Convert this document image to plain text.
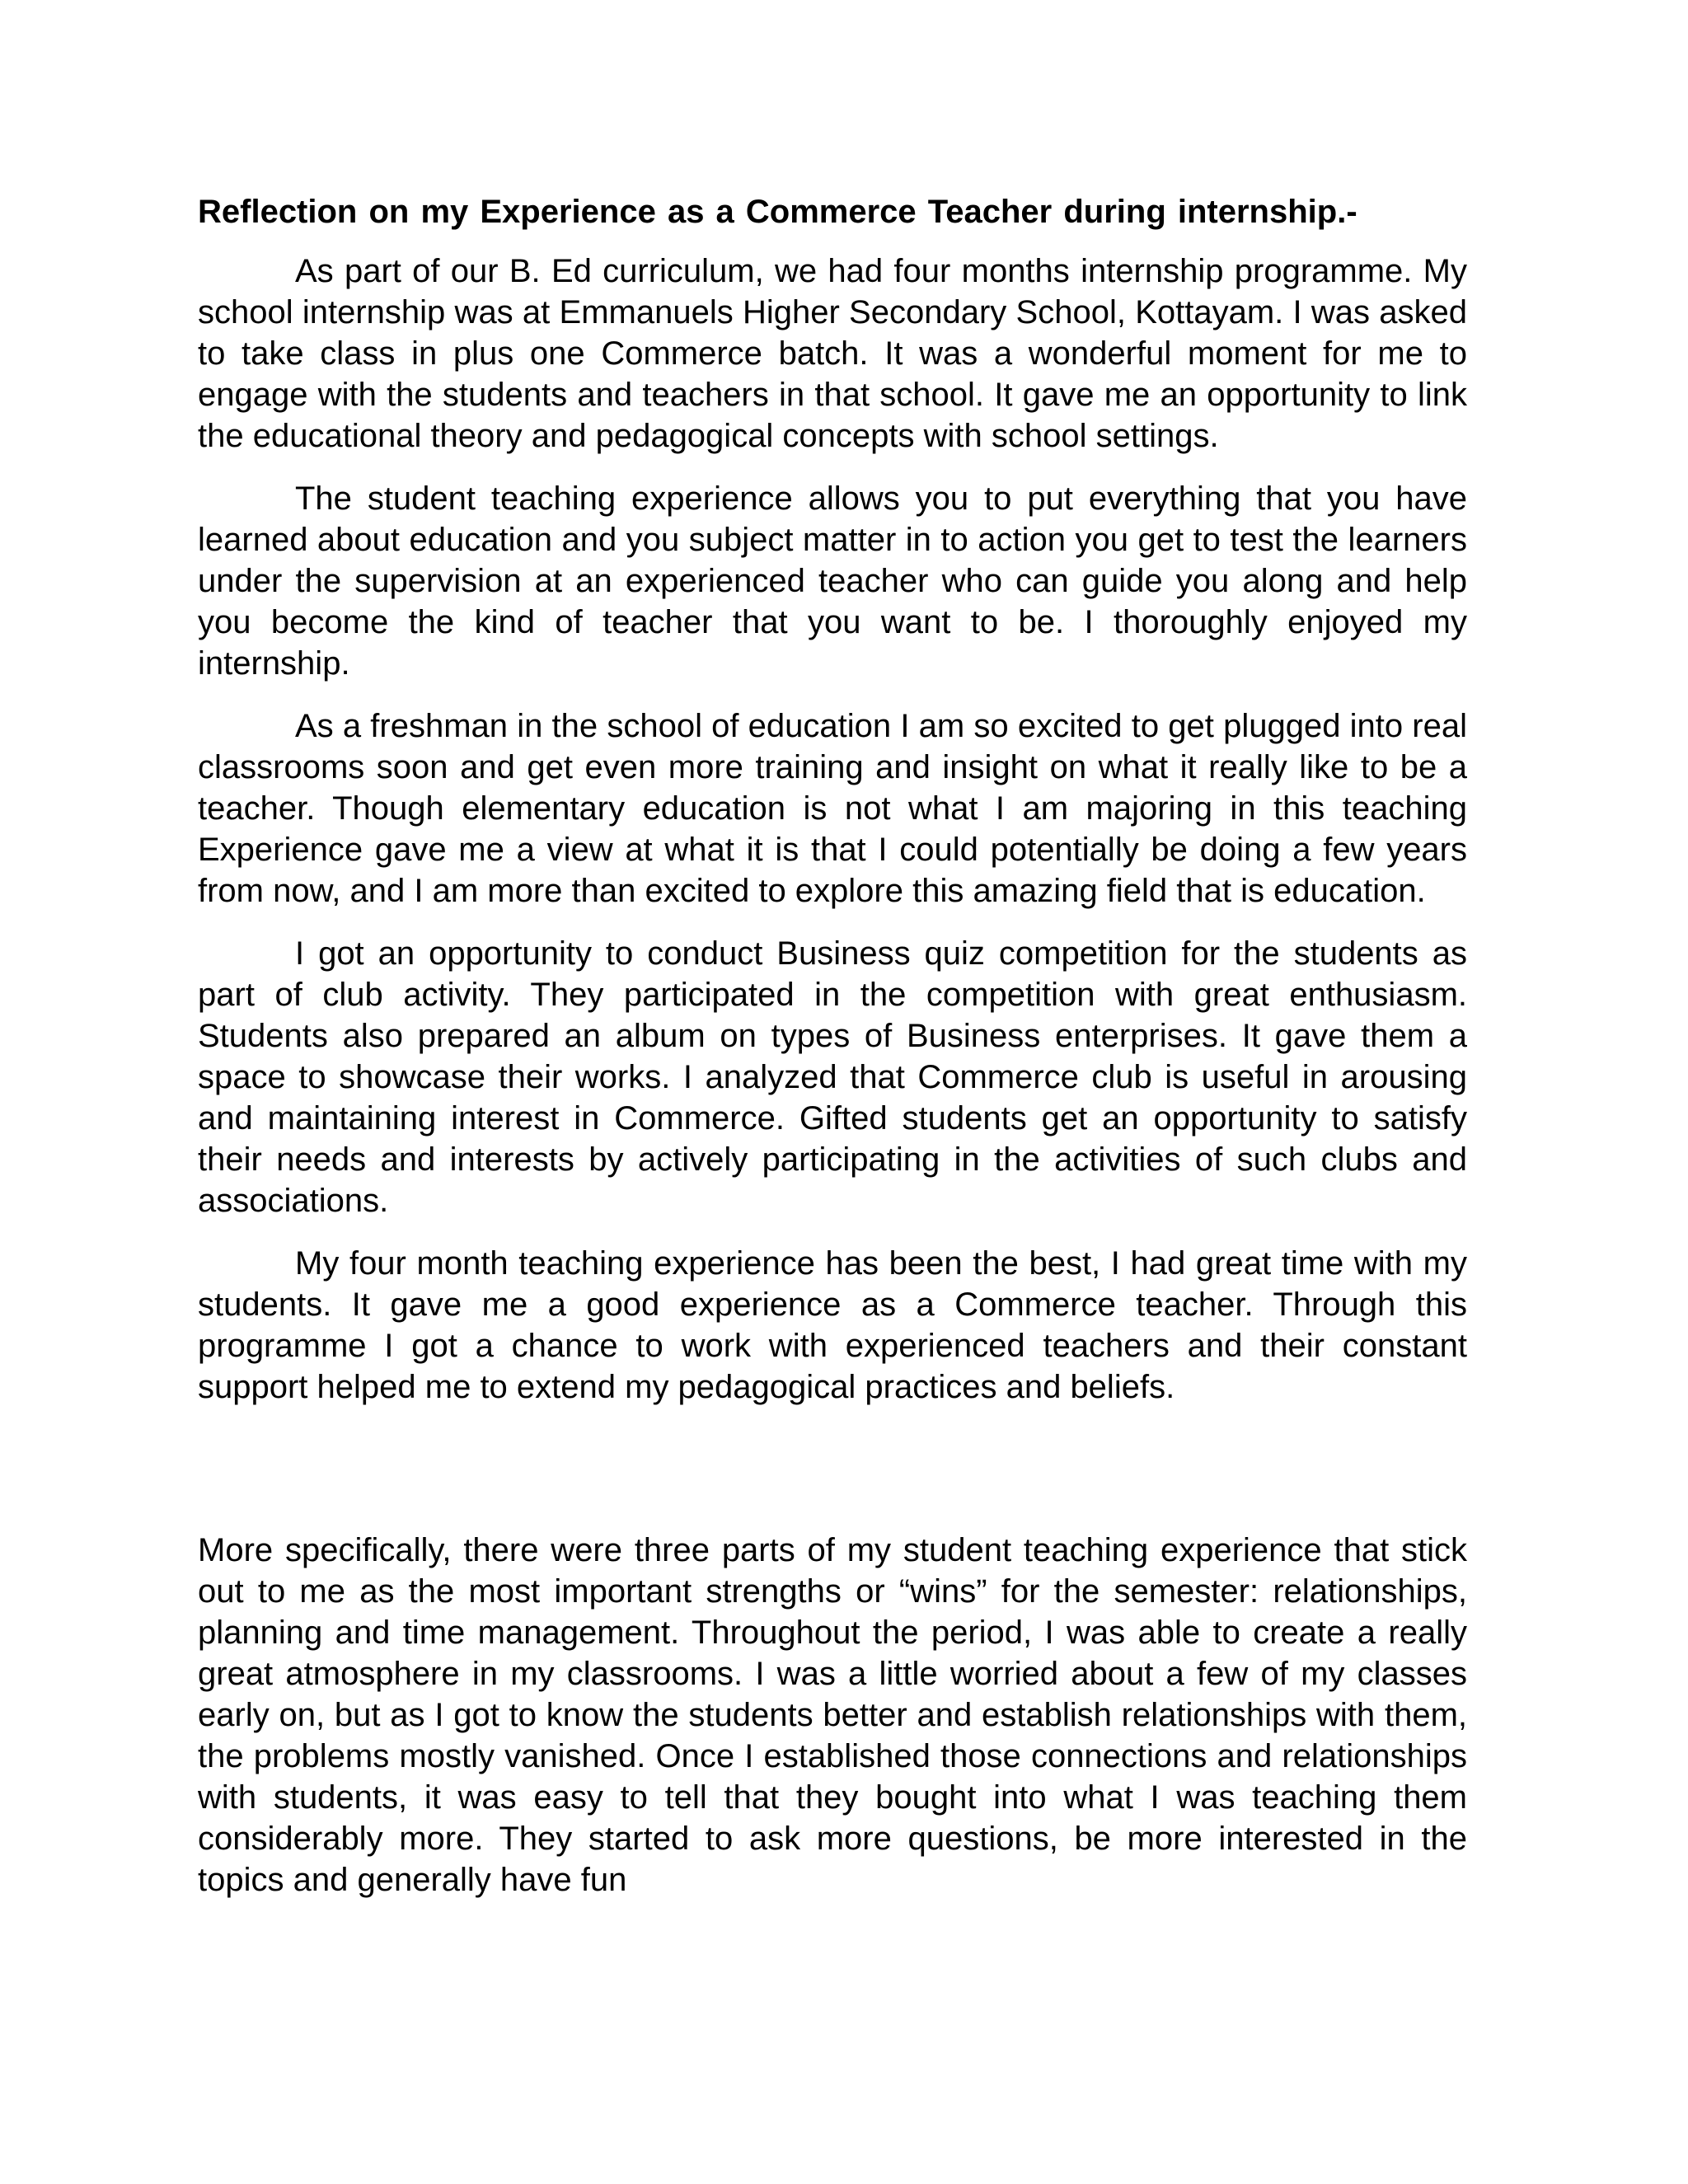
Reflection on my Experience as a Commerce Teacher during internship.-

As part of our B. Ed curriculum, we had four months internship programme. My school internship was at Emmanuels Higher Secondary School, Kottayam. I was asked to take class in plus one Commerce batch. It was a wonderful moment for me to engage with the students and teachers in that school. It gave me an opportunity to link the educational theory and pedagogical concepts with school settings.

The student teaching experience allows you to put everything that you have learned about education and you subject matter in to action you get to test the learners under the supervision at an experienced teacher who can guide you along and help you become the kind of teacher that you want to be. I thoroughly enjoyed my internship.

As a freshman in the school of education I am so excited to get plugged into real classrooms soon and get even more training and insight on what it really like to be a teacher. Though elementary education is not what I am majoring in this teaching Experience gave me a view at what it is that I could potentially be doing a few years from now, and I am more than excited to explore this amazing field that is education.

I got an opportunity to conduct Business quiz competition for the students as part of club activity. They participated in the competition with great enthusiasm. Students also prepared an album on types of Business enterprises. It gave them a space to showcase their works. I analyzed that Commerce club is useful in arousing and maintaining interest in Commerce. Gifted students get an opportunity to satisfy their needs and interests by actively participating in the activities of such clubs and associations.

My four month teaching experience has been the best, I had great time with my students. It gave me a good experience as a Commerce teacher. Through this programme I got a chance to work with experienced teachers and their constant support helped me to extend my pedagogical practices and beliefs.

More specifically, there were three parts of my student teaching experience that stick out to me as the most important strengths or “wins” for the semester: relationships, planning and time management. Throughout the period, I was able to create a really great atmosphere in my classrooms. I was a little worried about a few of my classes early on, but as I got to know the students better and establish relationships with them, the problems mostly vanished. Once I established those connections and relationships with students, it was easy to tell that they bought into what I was teaching them considerably more. They started to ask more questions, be more interested in the topics and generally have fun
